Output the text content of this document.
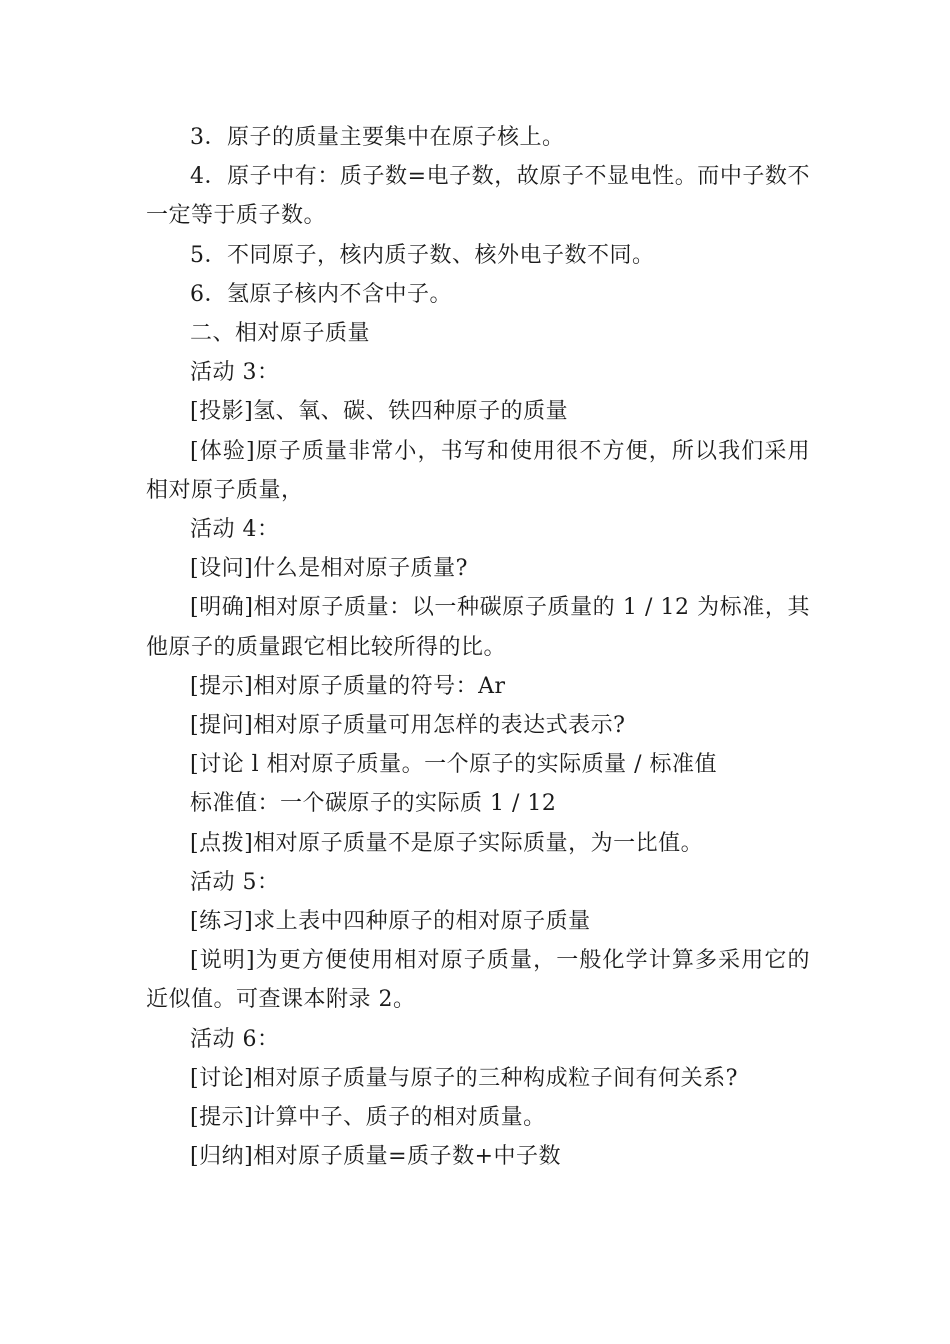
3．原子的质量主要集中在原子核上。

4．原子中有：质子数=电子数，故原子不显电性。而中子数不一定等于质子数。

5．不同原子，核内质子数、核外电子数不同。

6．氢原子核内不含中子。

二、相对原子质量

活动 3：

[投影]氢、氧、碳、铁四种原子的质量

[体验]原子质量非常小，书写和使用很不方便，所以我们采用相对原子质量，

活动 4：

[设问]什么是相对原子质量?

[明确]相对原子质量：以一种碳原子质量的 1 / 12 为标准，其他原子的质量跟它相比较所得的比。

[提示]相对原子质量的符号：Ar

[提问]相对原子质量可用怎样的表达式表示?

[讨论 l 相对原子质量。一个原子的实际质量 / 标准值

标准值：一个碳原子的实际质 1 / 12

[点拨]相对原子质量不是原子实际质量，为一比值。

活动 5：

[练习]求上表中四种原子的相对原子质量

[说明]为更方便使用相对原子质量，一般化学计算多采用它的近似值。可查课本附录 2。

活动 6：

[讨论]相对原子质量与原子的三种构成粒子间有何关系?

[提示]计算中子、质子的相对质量。

[归纳]相对原子质量=质子数+中子数
